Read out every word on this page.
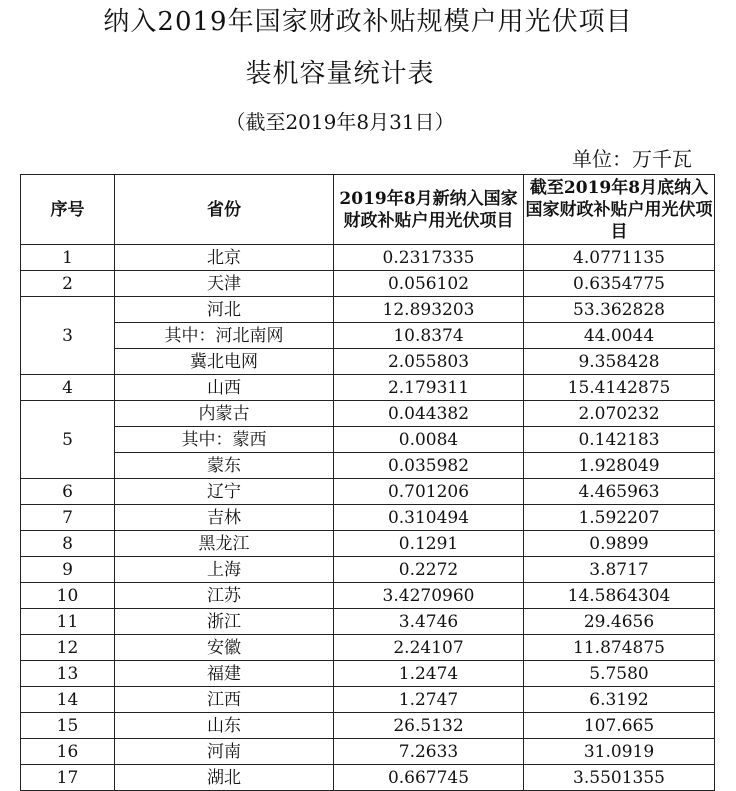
纳入2019年国家财政补贴规模户用光伏项目
装机容量统计表
（截至2019年8月31日）
单位：万千瓦
序号	省份	2019年8月新纳入国家财政补贴户用光伏项目	截至2019年8月底纳入国家财政补贴户用光伏项目
1	北京	0.2317335	4.0771135
2	天津	0.056102	0.6354775
3	河北	12.893203	53.362828
	其中：河北南网	10.8374	44.0044
	冀北电网	2.055803	9.358428
4	山西	2.179311	15.4142875
5	内蒙古	0.044382	2.070232
	其中：蒙西	0.0084	0.142183
	蒙东	0.035982	1.928049
6	辽宁	0.701206	4.465963
7	吉林	0.310494	1.592207
8	黑龙江	0.1291	0.9899
9	上海	0.2272	3.8717
10	江苏	3.4270960	14.5864304
11	浙江	3.4746	29.4656
12	安徽	2.24107	11.874875
13	福建	1.2474	5.7580
14	江西	1.2747	6.3192
15	山东	26.5132	107.665
16	河南	7.2633	31.0919
17	湖北	0.667745	3.5501355
